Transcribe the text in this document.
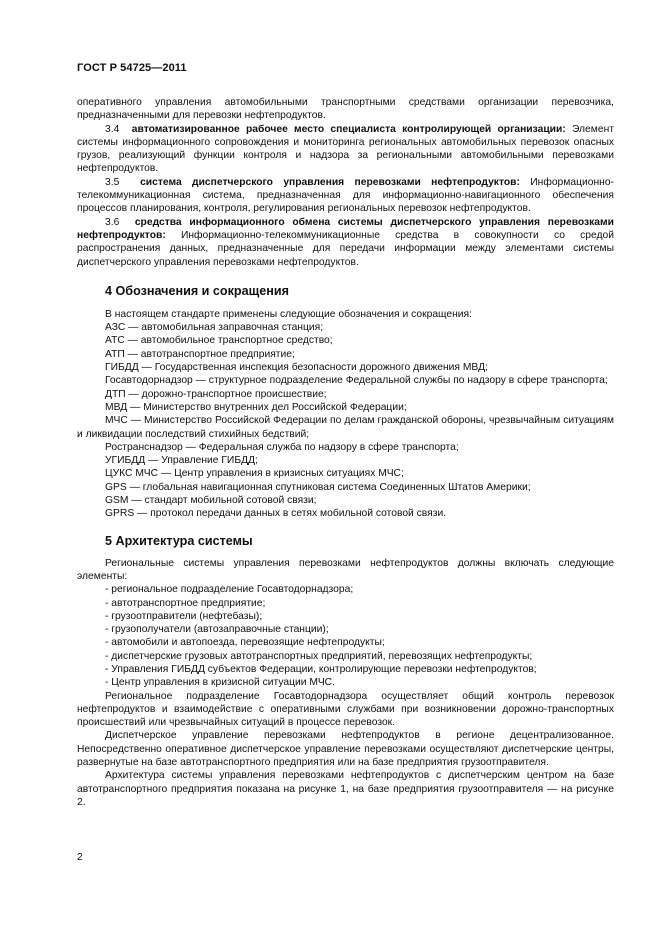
ГОСТ Р 54725—2011

оперативного управления автомобильными транспортными средствами организации перевозчика, предназначенными для перевозки нефтепродуктов.

3.4 автоматизированное рабочее место специалиста контролирующей организации: Элемент системы информационного сопровождения и мониторинга региональных автомобильных перевозок опасных грузов, реализующий функции контроля и надзора за региональными автомобильными перевозками нефтепродуктов.

3.5 система диспетчерского управления перевозками нефтепродуктов: Информационно-телекоммуникационная система, предназначенная для информационно-навигационного обеспечения процессов планирования, контроля, регулирования региональных перевозок нефтепродуктов.

3.6 средства информационного обмена системы диспетчерского управления перевозками нефтепродуктов: Информационно-телекоммуникационные средства в совокупности со средой распространения данных, предназначенные для передачи информации между элементами системы диспетчерского управления перевозками нефтепродуктов.

4 Обозначения и сокращения

В настоящем стандарте применены следующие обозначения и сокращения:

АЗС — автомобильная заправочная станция;

АТС — автомобильное транспортное средство;

АТП — автотранспортное предприятие;

ГИБДД — Государственная инспекция безопасности дорожного движения МВД;

Госавтодорнадзор — структурное подразделение Федеральной службы по надзору в сфере транспорта;

ДТП — дорожно-транспортное происшествие;

МВД — Министерство внутренних дел Российской Федерации;

МЧС — Министерство Российской Федерации по делам гражданской обороны, чрезвычайным ситуациям и ликвидации последствий стихийных бедствий;

Ространснадзор — Федеральная служба по надзору в сфере транспорта;

УГИБДД — Управление ГИБДД;

ЦУКС МЧС — Центр управления в кризисных ситуациях МЧС;

GPS — глобальная навигационная спутниковая система Соединенных Штатов Америки;

GSM — стандарт мобильной сотовой связи;

GPRS — протокол передачи данных в сетях мобильной сотовой связи.

5 Архитектура системы

Региональные системы управления перевозками нефтепродуктов должны включать следующие элементы:

- региональное подразделение Госавтодорнадзора;

- автотранспортное предприятие;

- грузоотправители (нефтебазы);

- грузополучатели (автозаправочные станции);

- автомобили и автопоезда, перевозящие нефтепродукты;

- диспетчерские грузовых автотранспортных предприятий, перевозящих нефтепродукты;

- Управления ГИБДД субъектов Федерации, контролирующие перевозки нефтепродуктов;

- Центр управления в кризисной ситуации МЧС.

Региональное подразделение Госавтодорнадзора осуществляет общий контроль перевозок нефтепродуктов и взаимодействие с оперативными службами при возникновении дорожно-транспортных происшествий или чрезвычайных ситуаций в процессе перевозок.

Диспетчерское управление перевозками нефтепродуктов в регионе децентрализованное. Непосредственно оперативное диспетчерское управление перевозками осуществляют диспетчерские центры, развернутые на базе автотранспортного предприятия или на базе предприятия грузоотправителя.

Архитектура системы управления перевозками нефтепродуктов с диспетчерским центром на базе автотранспортного предприятия показана на рисунке 1, на базе предприятия грузоотправителя — на рисунке 2.

2
